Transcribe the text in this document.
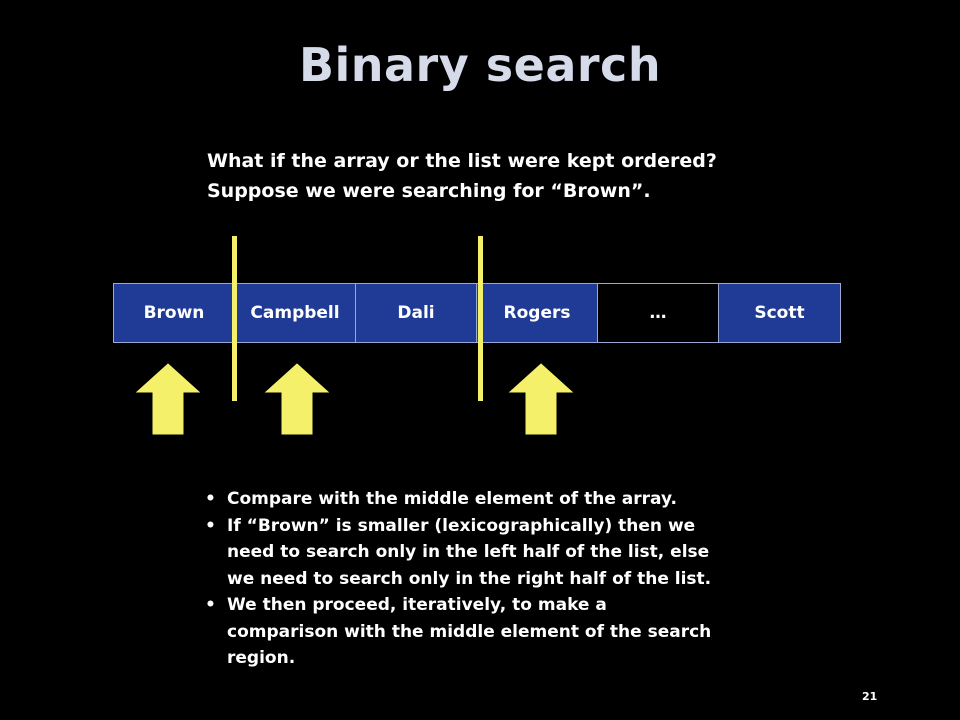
Binary search
What if the array or the list were kept ordered?
Suppose we were searching for “Brown”.
Brown	Campbell	Dali	Rogers	…	Scott
• Compare with the middle element of the array.
• If “Brown” is smaller (lexicographically) then we
need to search only in the left half of the list, else
we need to search only in the right half of the list.
• We then proceed, iteratively, to make a
comparison with the middle element of the search
region.
21
